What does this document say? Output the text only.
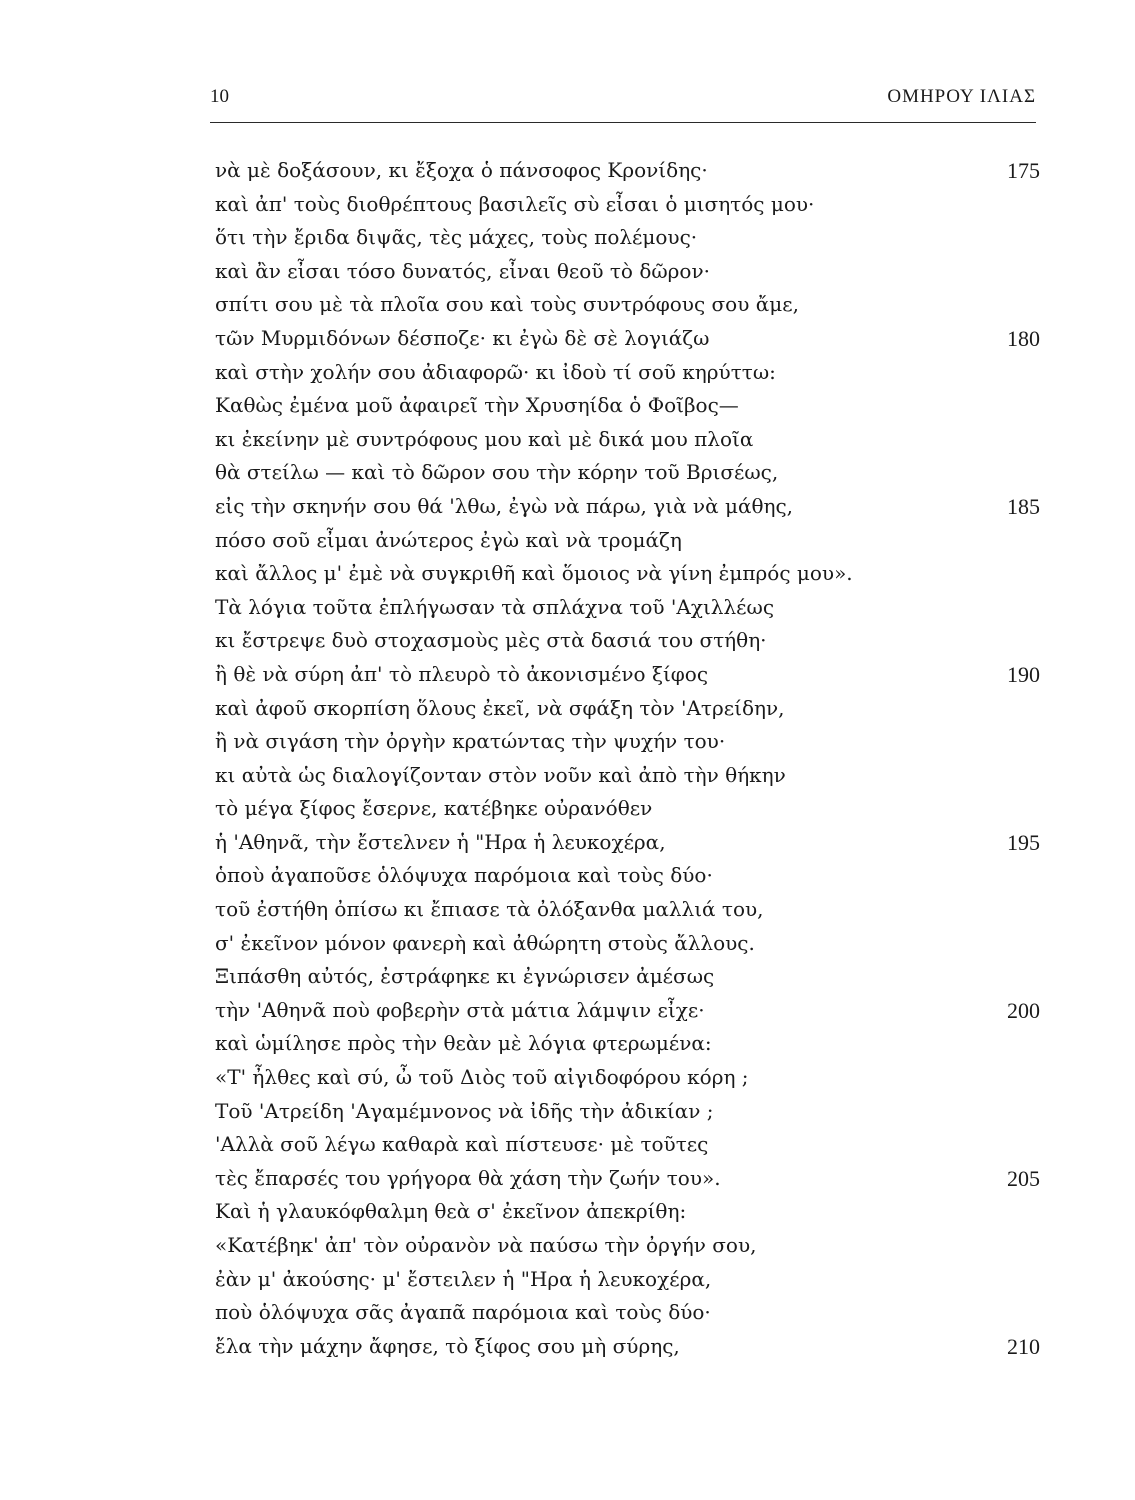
10	ΟΜΗΡΟΥ ΙΛΙΑΣ
νὰ μὲ δοξάσουν, κι ἔξοχα ὁ πάνσοφος Κρονίδης·	175
καὶ ἀπ' τοὺς διοθρέπτους βασιλεῖς σὺ εἶσαι ὁ μισητός μου·
ὅτι τὴν ἔριδα διψᾶς, τὲς μάχες, τοὺς πολέμους·
καὶ ἂν εἶσαι τόσο δυνατός, εἶναι θεοῦ τὸ δῶρον·
σπίτι σου μὲ τὰ πλοῖα σου καὶ τοὺς συντρόφους σου ἄμε,
τῶν Μυρμιδόνων δέσποζε· κι ἐγὼ δὲ σὲ λογιάζω	180
καὶ στὴν χολήν σου ἀδιαφορῶ· κι ἰδοὺ τί σοῦ κηρύττω:
Καθὼς ἐμένα μοῦ ἀφαιρεῖ τὴν Χρυσηίδα ὁ Φοῖβος—
κι ἐκείνην μὲ συντρόφους μου καὶ μὲ δικά μου πλοῖα
θὰ στείλω — καὶ τὸ δῶρον σου τὴν κόρην τοῦ Βρισέως,
εἰς τὴν σκηνήν σου θά 'λθω, ἐγὼ νὰ πάρω, γιὰ νὰ μάθης,	185
πόσο σοῦ εἶμαι ἀνώτερος ἐγὼ καὶ νὰ τρομάζη
καὶ ἄλλος μ' ἐμὲ νὰ συγκριθῆ καὶ ὅμοιος νὰ γίνη ἐμπρός μου».
Τὰ λόγια τοῦτα ἐπλήγωσαν τὰ σπλάχνα τοῦ 'Αχιλλέως
κι ἔστρεψε δυὸ στοχασμοὺς μὲς στὰ δασιά του στήθη·
ἢ θὲ νὰ σύρη ἀπ' τὸ πλευρὸ τὸ ἀκονισμένο ξίφος	190
καὶ ἀφοῦ σκορπίση ὅλους ἐκεῖ, νὰ σφάξη τὸν 'Ατρείδην,
ἢ νὰ σιγάση τὴν ὀργὴν κρατώντας τὴν ψυχήν του·
κι αὐτὰ ὡς διαλογίζονταν στὸν νοῦν καὶ ἀπὸ τὴν θήκην
τὸ μέγα ξίφος ἔσερνε, κατέβηκε οὐρανόθεν
ἡ 'Αθηνᾶ, τὴν ἔστελνεν ἡ "Ηρα ἡ λευκοχέρα,	195
ὁποὺ ἀγαποῦσε ὁλόψυχα παρόμοια καὶ τοὺς δύο·
τοῦ ἐστήθη ὀπίσω κι ἔπιασε τὰ ὀλόξανθα μαλλιά του,
σ' ἐκεῖνον μόνον φανερὴ καὶ ἀθώρητη στοὺς ἄλλους.
Ξιπάσθη αὐτός, ἐστράφηκε κι ἐγνώρισεν ἀμέσως
τὴν 'Αθηνᾶ ποὺ φοβερὴν στὰ μάτια λάμψιν εἶχε·	200
καὶ ὡμίλησε πρὸς τὴν θεὰν μὲ λόγια φτερωμένα:
«Τ' ἦλθες καὶ σύ, ὦ τοῦ Διὸς τοῦ αἰγιδοφόρου κόρη ;
Τοῦ 'Ατρείδη 'Αγαμέμνονος νὰ ἰδῆς τὴν ἀδικίαν ;
'Αλλὰ σοῦ λέγω καθαρὰ καὶ πίστευσε· μὲ τοῦτες
τὲς ἔπαρσές του γρήγορα θὰ χάση τὴν ζωήν του».	205
Καὶ ἡ γλαυκόφθαλμη θεὰ σ' ἐκεῖνον ἀπεκρίθη:
«Κατέβηκ' ἀπ' τὸν οὐρανὸν νὰ παύσω τὴν ὀργήν σου,
ἐὰν μ' ἀκούσης· μ' ἔστειλεν ἡ "Ηρα ἡ λευκοχέρα,
ποὺ ὁλόψυχα σᾶς ἀγαπᾶ παρόμοια καὶ τοὺς δύο·
ἔλα τὴν μάχην ἄφησε, τὸ ξίφος σου μὴ σύρης,	210
